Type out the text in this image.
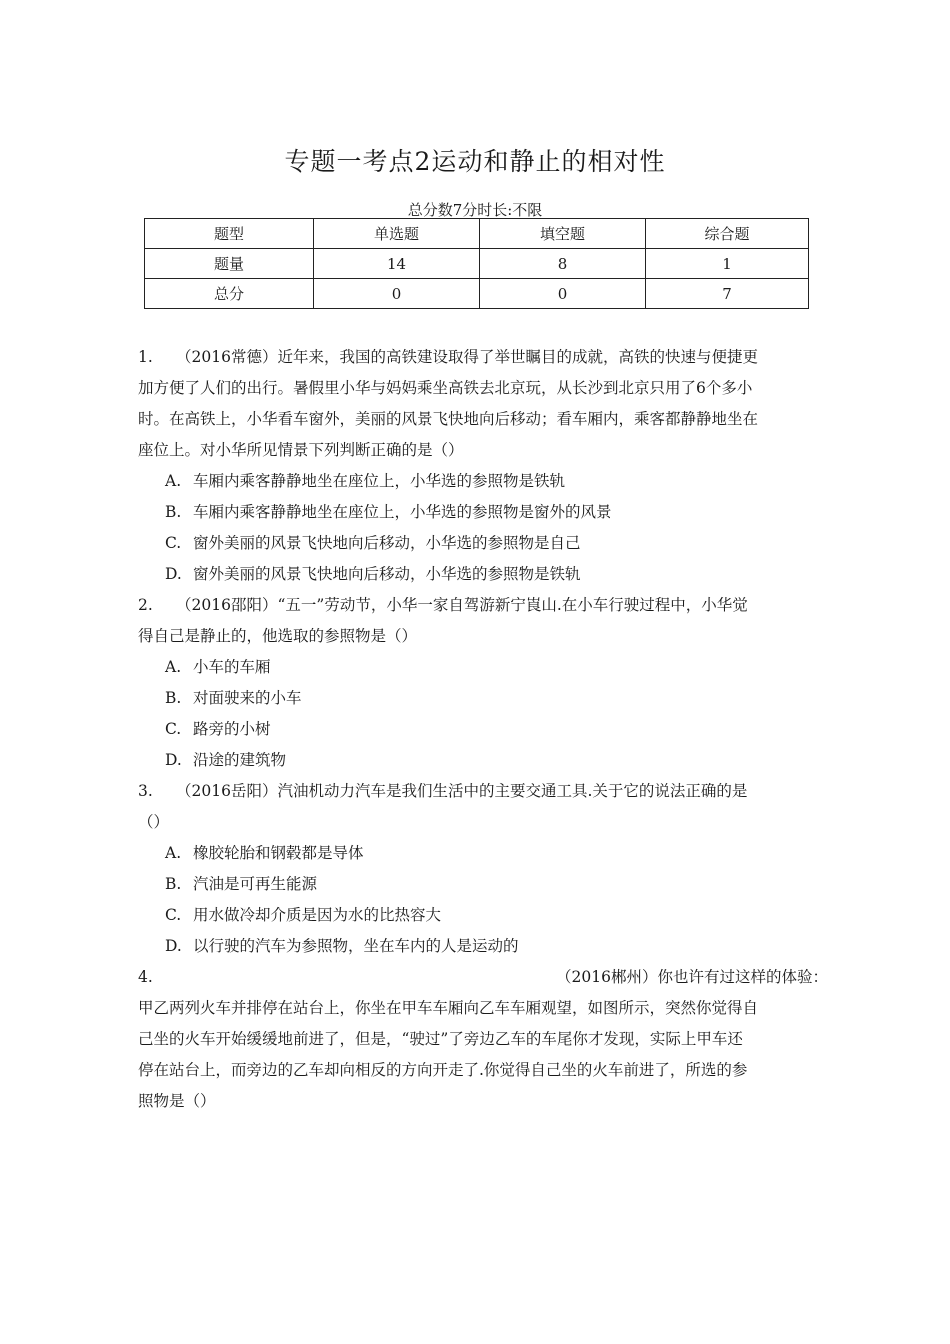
专题一考点2运动和静止的相对性
总分数7分时长:不限
题型	单选题	填空题	综合题
题量	14	8	1
总分	0	0	7

1.　　（2016常德）近年来，我国的高铁建设取得了举世瞩目的成就，高铁的快速与便捷更

加方便了人们的出行。暑假里小华与妈妈乘坐高铁去北京玩，从长沙到北京只用了6个多小

时。在高铁上，小华看车窗外，美丽的风景飞快地向后移动；看车厢内，乘客都静静地坐在

座位上。对小华所见情景下列判断正确的是（）

A. 车厢内乘客静静地坐在座位上，小华选的参照物是铁轨
B. 车厢内乘客静静地坐在座位上，小华选的参照物是窗外的风景
C. 窗外美丽的风景飞快地向后移动，小华选的参照物是自己
D. 窗外美丽的风景飞快地向后移动，小华选的参照物是铁轨

2.　　（2016邵阳）“五一”劳动节，小华一家自驾游新宁崀山.在小车行驶过程中，小华觉

得自己是静止的，他选取的参照物是（）

A. 小车的车厢
B. 对面驶来的小车
C. 路旁的小树
D. 沿途的建筑物

3.　　（2016岳阳）汽油机动力汽车是我们生活中的主要交通工具.关于它的说法正确的是

（）

A. 橡胶轮胎和钢毂都是导体
B. 汽油是可再生能源
C. 用水做冷却介质是因为水的比热容大
D. 以行驶的汽车为参照物，坐在车内的人是运动的

4.	（2016郴州）你也许有过这样的体验：

甲乙两列火车并排停在站台上，你坐在甲车车厢向乙车车厢观望，如图所示，突然你觉得自

己坐的火车开始缓缓地前进了，但是，“驶过”了旁边乙车的车尾你才发现，实际上甲车还

停在站台上，而旁边的乙车却向相反的方向开走了.你觉得自己坐的火车前进了，所选的参

照物是（）
